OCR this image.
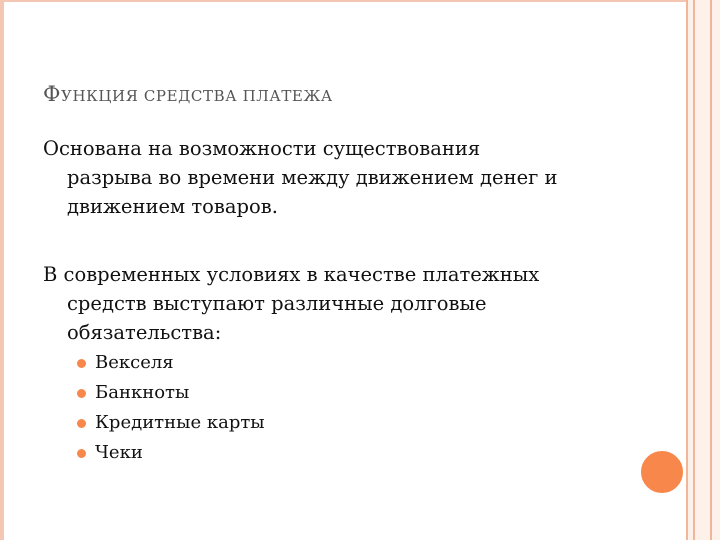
ФУНКЦИЯ СРЕДСТВА ПЛАТЕЖА
Основана на возможности существования
разрыва во времени между движением денег и
движением товаров.
В современных условиях в качестве платежных
средств выступают различные долговые
обязательства:
Векселя
Банкноты
Кредитные карты
Чеки
